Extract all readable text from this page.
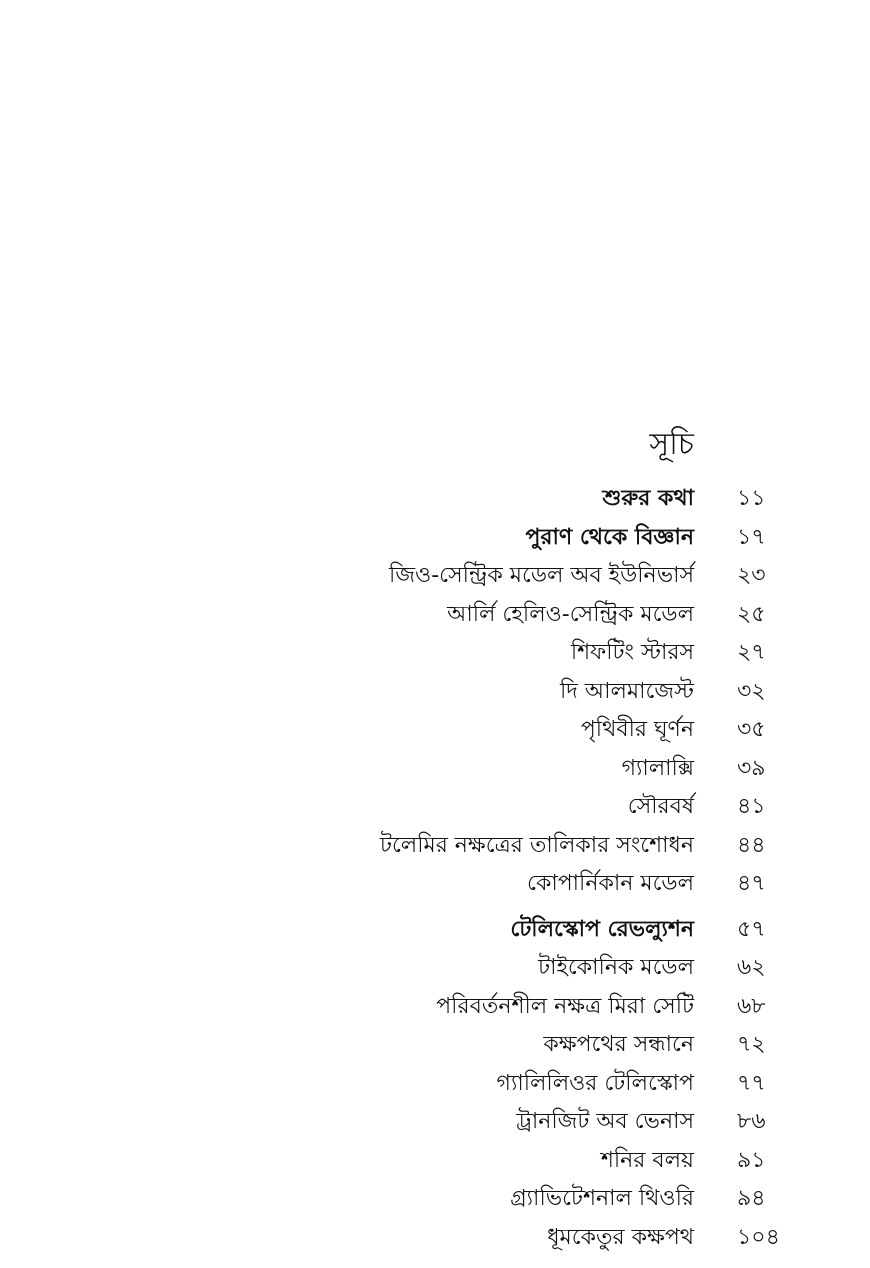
সূচি
শুরুর কথা ১১
পুরাণ থেকে বিজ্ঞান ১৭
জিও-সেন্ট্রিক মডেল অব ইউনিভার্স ২৩
আর্লি হেলিও-সেন্ট্রিক মডেল ২৫
শিফটিং স্টারস ২৭
দি আলমাজেস্ট ৩২
পৃথিবীর ঘূর্ণন ৩৫
গ্যালাক্সি ৩৯
সৌরবর্ষ ৪১
টলেমির নক্ষত্রের তালিকার সংশোধন ৪৪
কোপার্নিকান মডেল ৪৭
টেলিস্কোপ রেভল্যুশন ৫৭
টাইকোনিক মডেল ৬২
পরিবর্তনশীল নক্ষত্র মিরা সেটি ৬৮
কক্ষপথের সন্ধানে ৭২
গ্যালিলিওর টেলিস্কোপ ৭৭
ট্রানজিট অব ভেনাস ৮৬
শনির বলয় ৯১
গ্র্যাভিটেশনাল থিওরি ৯৪
ধূমকেতুর কক্ষপথ ১০৪
